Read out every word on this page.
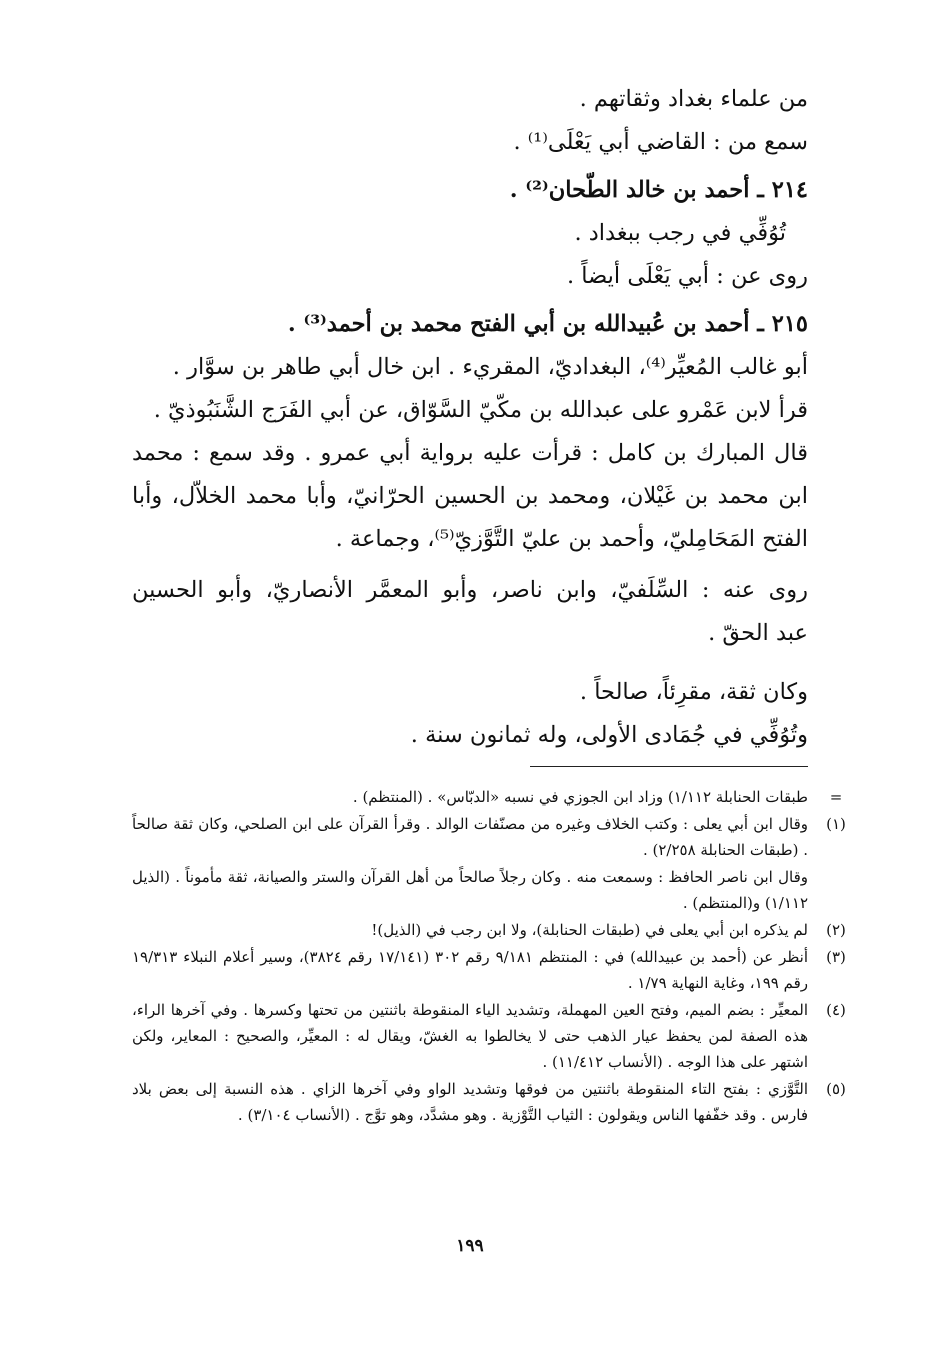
من علماء بغداد وثقاتهم .

سمع من : القاضي أبي يَعْلَى⁽¹⁾ .

٢١٤ ـ أحمد بن خالد الطّحان⁽²⁾ .

تُوُفِّي في رجب ببغداد .

روى عن : أبي يَعْلَى أيضاً .

٢١٥ ـ أحمد بن عُبيدالله بن أبي الفتح محمد بن أحمد⁽³⁾ .

أبو غالب المُعيِّر⁽⁴⁾، البغداديّ، المقريء . ابن خال أبي طاهر بن سوَّار .

قرأ لابن عَمْرو على عبدالله بن مكّيّ السَّوّاق، عن أبي الفَرَج الشَّنَبُوذيّ .

قال المبارك بن كامل : قرأت عليه برواية أبي عمرو . وقد سمع : محمد

ابن محمد بن غَيْلان، ومحمد بن الحسين الحرّانيّ، وأبا محمد الخلاّل، وأبا

الفتح المَحَامِليّ، وأحمد بن عليّ التَّوَّزيّ⁽⁵⁾، وجماعة .

روى عنه : السِّلَفيّ، وابن ناصر، وأبو المعمَّر الأنصاريّ، وأبو الحسين

عبد الحقّ .

وكان ثقة، مقرِئاً، صالحاً .

وتُوُفِّي في جُمَادى الأولى، وله ثمانون سنة .

=
طبقات الحنابلة ١/١١٢) وزاد ابن الجوزي في نسبه «الدبّاس» . (المنتظم) .
(١)
وقال ابن أبي يعلى : وكتب الخلاف وغيره من مصنّفات الوالد . وقرأ القرآن على ابن الصلحي، وكان ثقة صالحاً . (طبقات الحنابلة ٢/٢٥٨) .
وقال ابن ناصر الحافظ : وسمعت منه . وكان رجلاً صالحاً من أهل القرآن والستر والصيانة، ثقة مأموناً . (الذيل ١/١١٢) و(المنتظم) .
(٢)
لم يذكره ابن أبي يعلى في (طبقات الحنابلة)، ولا ابن رجب في (الذيل)!
(٣)
أنظر عن (أحمد بن عبيدالله) في : المنتظم ٩/١٨١ رقم ٣٠٢ (١٧/١٤١ رقم ٣٨٢٤)، وسير أعلام النبلاء ١٩/٣١٣ رقم ١٩٩، وغاية النهاية ١/٧٩ .
(٤)
المعيِّر : بضم الميم، وفتح العين المهملة، وتشديد الياء المنقوطة باثنتين من تحتها وكسرها . وفي آخرها الراء، هذه الصفة لمن يحفظ عيار الذهب حتى لا يخالطوا به الغشّ، ويقال له : المعيِّر، والصحيح : المعاير، ولكن اشتهر على هذا الوجه . (الأنساب ١١/٤١٢) .
(٥)
التَّوَّزي : بفتح التاء المنقوطة باثنتين من فوقها وتشديد الواو وفي آخرها الزاي . هذه النسبة إلى بعض بلاد فارس . وقد خفّفها الناس ويقولون : الثياب التَّوْزية . وهو مشدَّد، وهو توَّج . (الأنساب ٣/١٠٤) .
١٩٩
